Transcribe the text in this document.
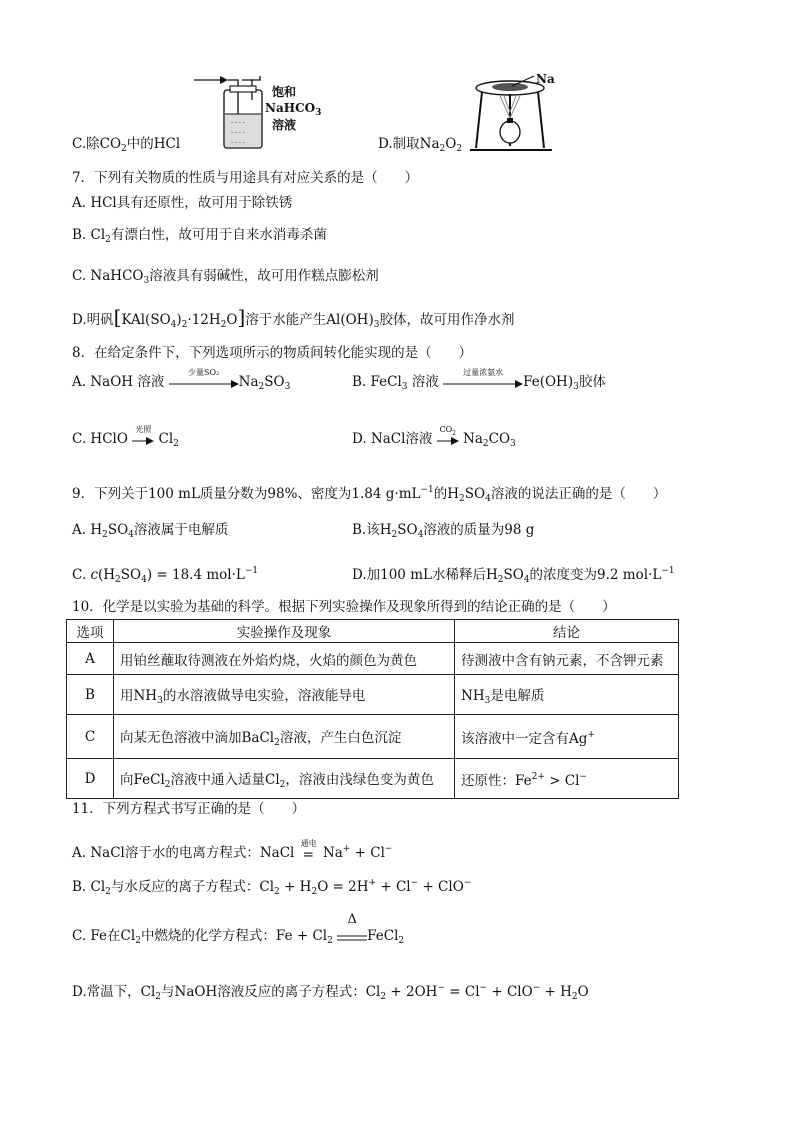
C.除$CO_2$中的HCl
- - - -
- - - -
- - - -
饱和
NaHCO$_3$
溶液
D.制取$Na_2O_2$
Na
7．下列有关物质的性质与用途具有对应关系的是（　　）
A. HCl具有还原性，故可用于除铁锈
B. $Cl_2$有漂白性，故可用于自来水消毒杀菌
C. NaHCO$_3$溶液具有弱碱性，故可用作糕点膨松剂
D.明矾$[KAl(SO_4)_2\cdot 12H_2O]$溶于水能产生$Al(OH)_3$胶体，故可用作净水剂
8．在给定条件下，下列选项所示的物质间转化能实现的是（　　）
A. NaOH 溶液
少量SO₂
$Na_2SO_3$	B. FeCl$_3$ 溶液
过量浓氨水
$Fe(OH)_3$胶体
C. HClO
光照
$Cl_2$	D. NaCl溶液
$CO_2$ $Na_2CO_3$
9．下列关于100 mL质量分数为98%、密度为1.84 $g\cdot mL^{-1}$的$H_2SO_4$溶液的说法正确的是（　　）
A. $H_2SO_4$溶液属于电解质	B.该$H_2SO_4$溶液的质量为98 g
C. $c(H_2SO_4) = 18.4$ $mol\cdot L^{-1}$	D.加100 mL水稀释后$H_2SO_4$的浓度变为9.2 $mol\cdot L^{-1}$
10．化学是以实验为基础的科学。根据下列实验操作及现象所得到的结论正确的是（　　）
选项	实验操作及现象	结论
A	用铂丝蘸取待测液在外焰灼烧，火焰的颜色为黄色	待测液中含有钠元素，不含钾元素
B	用$NH_3$的水溶液做导电实验，溶液能导电	$NH_3$是电解质
C	向某无色溶液中滴加BaCl$_2$溶液，产生白色沉淀	该溶液中一定含有Ag+
D	向FeCl$_2$溶液中通入适量$Cl_2$，溶液由浅绿色变为黄色	还原性：$Fe^{2+} > Cl^-$
11．下列方程式书写正确的是（　　）
A. NaCl溶于水的电离方程式：NaCl
通电
= Na+ + Cl−
B. $Cl_2$与水反应的离子方程式：$Cl_2 + H_2O = 2H^+ + Cl^- + ClO^-$
C. Fe在$Cl_2$中燃烧的化学方程式：$Fe + Cl_2$
Δ
FeCl$_2$
D.常温下，$Cl_2$与NaOH溶液反应的离子方程式：$Cl_2 + 2OH^- = Cl^- + ClO^- + H_2O$
